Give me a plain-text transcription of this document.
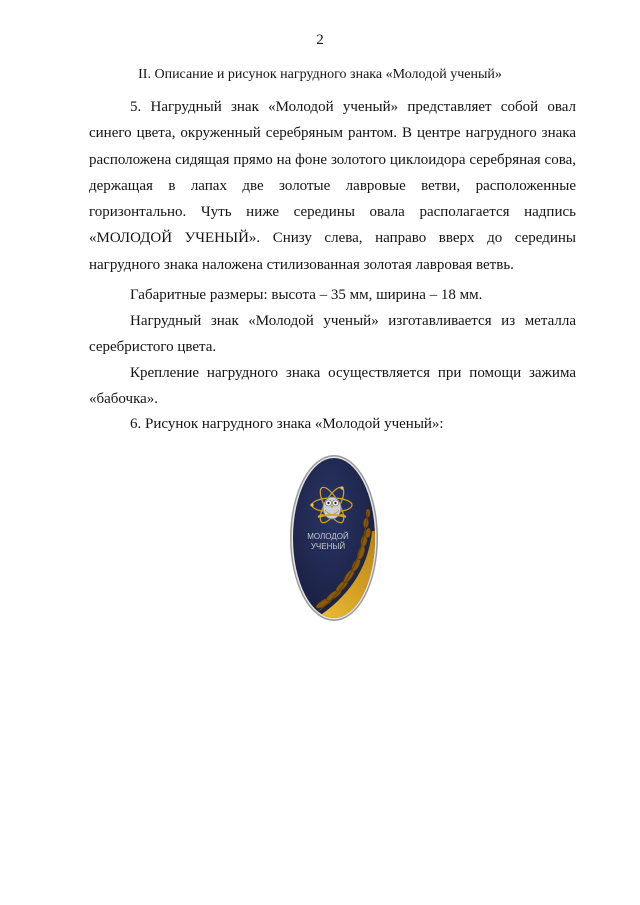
2
II. Описание и рисунок нагрудного знака «Молодой ученый»

5. Нагрудный знак «Молодой ученый» представляет собой овал синего цвета, окруженный серебряным рантом. В центре нагрудного знака расположена сидящая прямо на фоне золотого циклоидора серебряная сова, держащая в лапах две золотые лавровые ветви, расположенные горизонтально. Чуть ниже середины овала располагается надпись «МОЛОДОЙ УЧЕНЫЙ». Снизу слева, направо вверх до середины нагрудного знака наложена стилизованная золотая лавровая ветвь.

Габаритные размеры: высота – 35 мм, ширина – 18 мм.

Нагрудный знак «Молодой ученый» изготавливается из металла серебристого цвета.

Крепление нагрудного знака осуществляется при помощи зажима «бабочка».

6. Рисунок нагрудного знака «Молодой ученый»:

МОЛОДОЙ
УЧЕНЫЙ
